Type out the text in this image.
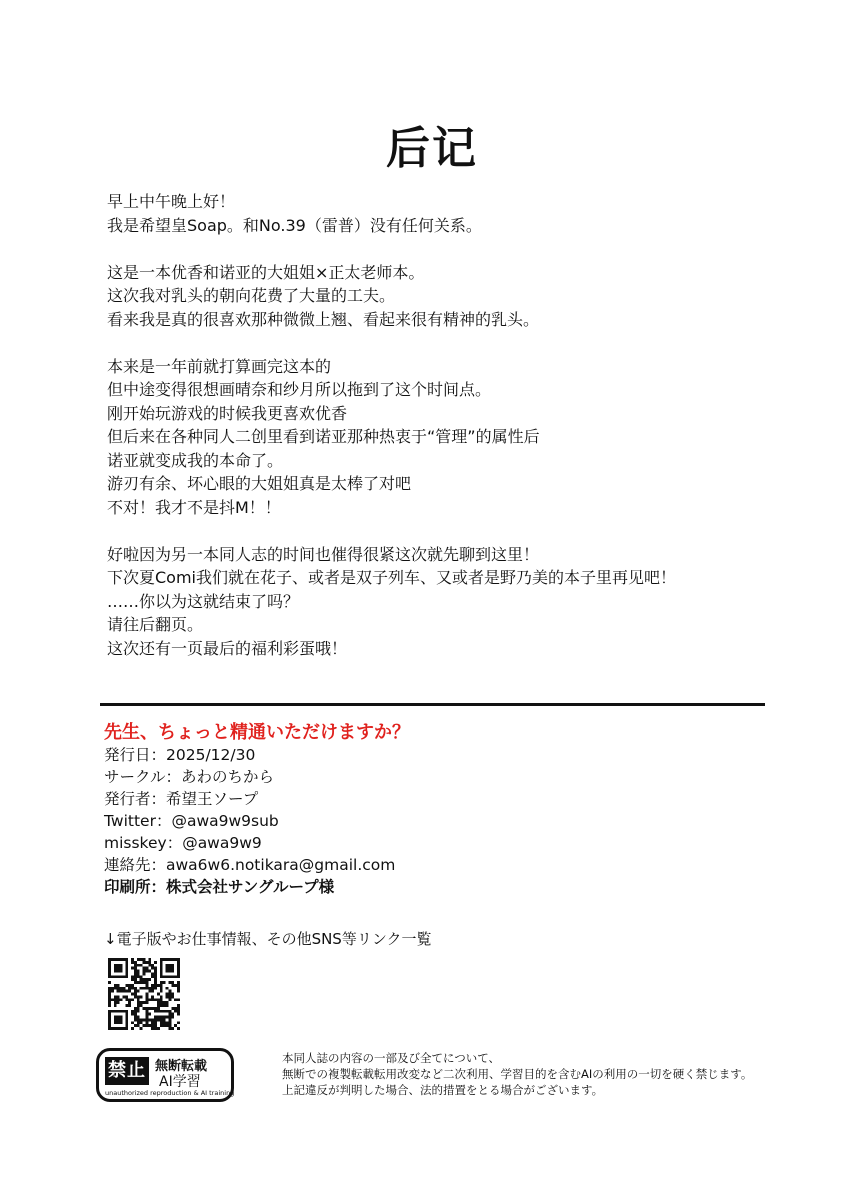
后记
早上中午晚上好！
我是希望皇Soap。和No.39（雷普）没有任何关系。
这是一本优香和诺亚的大姐姐×正太老师本。
这次我对乳头的朝向花费了大量的工夫。
看来我是真的很喜欢那种微微上翘、看起来很有精神的乳头。
本来是一年前就打算画完这本的
但中途变得很想画晴奈和纱月所以拖到了这个时间点。
刚开始玩游戏的时候我更喜欢优香
但后来在各种同人二创里看到诺亚那种热衷于“管理”的属性后
诺亚就变成我的本命了。
游刃有余、坏心眼的大姐姐真是太棒了对吧
不对！我才不是抖M！！
好啦因为另一本同人志的时间也催得很紧这次就先聊到这里！
下次夏Comi我们就在花子、或者是双子列车、又或者是野乃美的本子里再见吧！
……你以为这就结束了吗？
请往后翻页。
这次还有一页最后的福利彩蛋哦！
先生、ちょっと精通いただけますか？
発行日：2025/12/30
サークル：あわのちから
発行者：希望王ソープ
Twitter：@awa9w9sub
misskey：@awa9w9
連絡先：awa6w6.notikara@gmail.com
印刷所：株式会社サングループ様
↓電子版やお仕事情報、その他SNS等リンク一覧
禁止 無断転載
AI学習
unauthorized reproduction & AI training
本同人誌の内容の一部及び全てについて、
無断での複製転載転用改変など二次利用、学習目的を含むAIの利用の一切を硬く禁じます。
上記違反が判明した場合、法的措置をとる場合がございます。
